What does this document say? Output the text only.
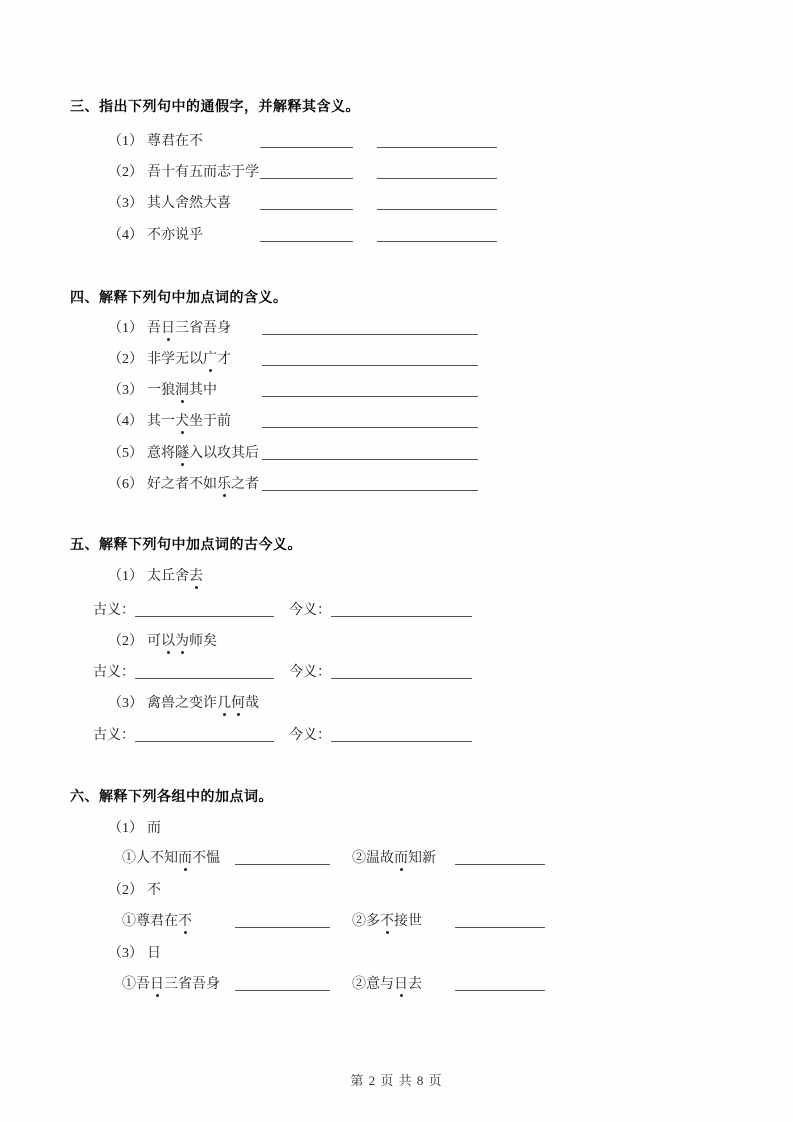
三、指出下列句中的通假字，并解释其含义。
（1） 尊君在不
（2） 吾十有五而志于学
（3） 其人舍然大喜
（4） 不亦说乎
四、解释下列句中加点词的含义。
（1） 吾日三省吾身
（2） 非学无以广才
（3） 一狼洞其中
（4） 其一犬坐于前
（5） 意将隧入以攻其后
（6） 好之者不如乐之者
五、解释下列句中加点词的古今义。
（1） 太丘舍去
古义：	今义：
（2） 可以为师矣
古义：	今义：
（3） 禽兽之变诈几何哉
古义：	今义：
六、解释下列各组中的加点词。
（1） 而
①人不知而不愠	②温故而知新
（2） 不
①尊君在不	②多不接世
（3） 日
①吾日三省吾身	②意与日去
第 2 页 共 8 页
